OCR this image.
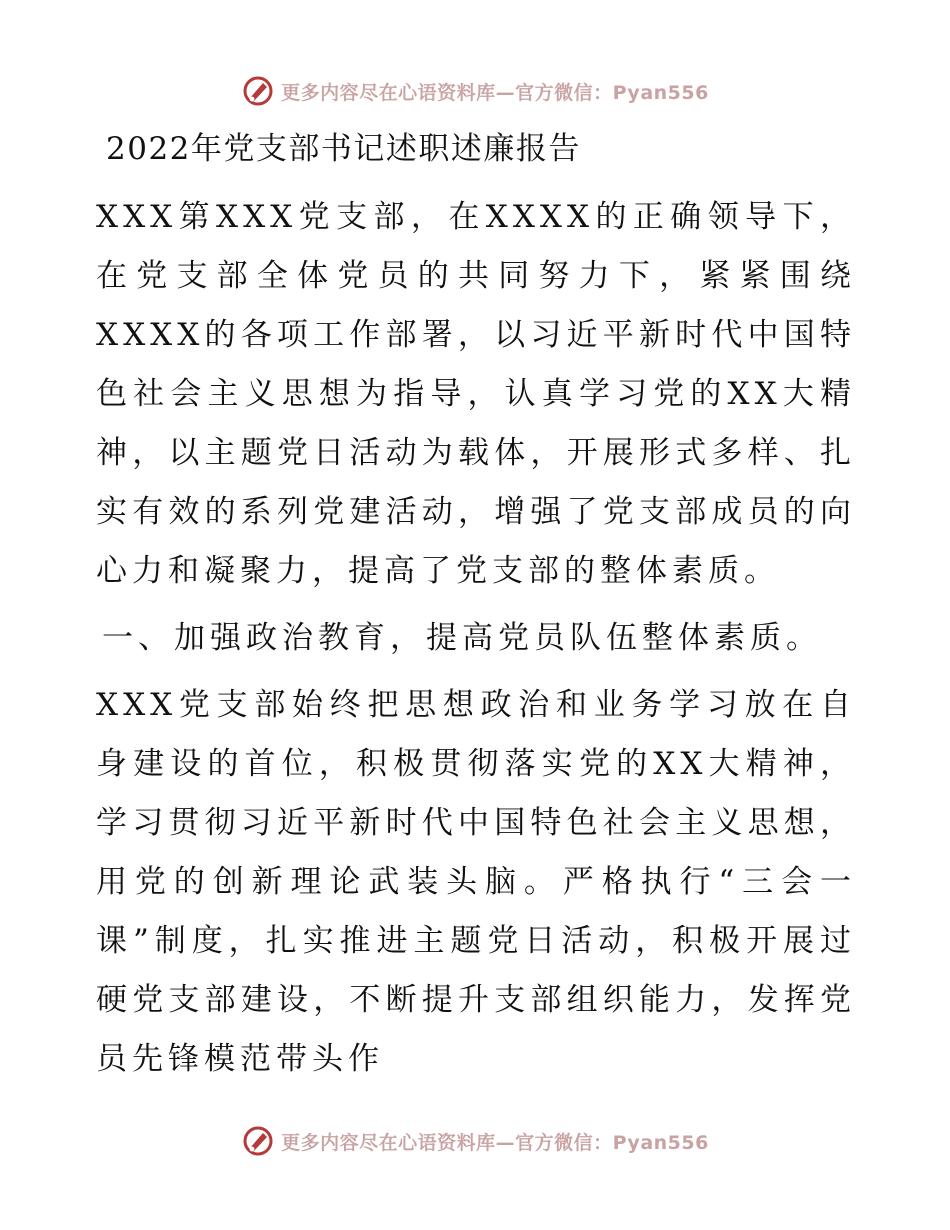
更多内容尽在心语资料库—官方微信：Pyan556
2022年党支部书记述职述廉报告

XXX第XXX党支部，在XXXX的正确领导下，在党支部全体党员的共同努力下，紧紧围绕XXXX的各项工作部署，以习近平新时代中国特色社会主义思想为指导，认真学习党的XX大精神，以主题党日活动为载体，开展形式多样、扎实有效的系列党建活动，增强了党支部成员的向心力和凝聚力，提高了党支部的整体素质。

一、加强政治教育，提高党员队伍整体素质。

XXX党支部始终把思想政治和业务学习放在自身建设的首位，积极贯彻落实党的XX大精神，学习贯彻习近平新时代中国特色社会主义思想，用党的创新理论武装头脑。严格执行“三会一课”制度，扎实推进主题党日活动，积极开展过硬党支部建设，不断提升支部组织能力，发挥党员先锋模范带头作

更多内容尽在心语资料库—官方微信：Pyan556
